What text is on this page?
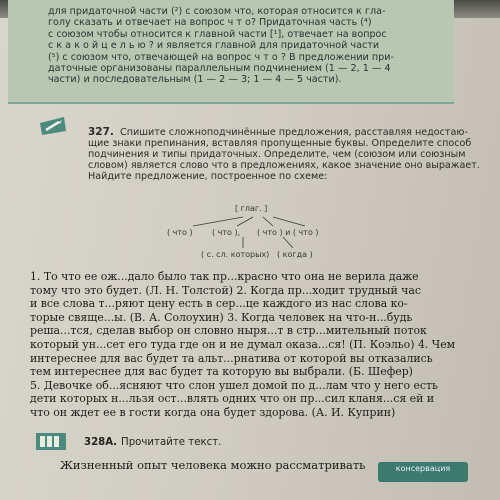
для придаточной части (²) с союзом что, которая относится к гла-
голу сказать и отвечает на вопрос ч т о? Придаточная часть (⁴)
с союзом чтобы относится к главной части [¹], отвечает на вопрос
с к а к о й ц е л ь ю ? и является главной для придаточной части
(⁵) с союзом что, отвечающей на вопрос ч т о ? В предложении при-
даточные организованы параллельным подчинением (1 — 2, 1 — 4
части) и последовательным (1 — 2 — 3; 1 — 4 — 5 части).
327. Спишите сложноподчинённые предложения, расставляя недостаю-
щие знаки препинания, вставляя пропущенные буквы. Определите способ
подчинения и типы придаточных. Определите, чем (союзом или союзным
словом) является слово что в предложениях, какое значение оно выражает.
Найдите предложение, построенное по схеме:
[ глаг. ]
( что ) ( что ), ( что ) и ( что )
( с. сл. которых) ( когда )
1. То что ее ож...дало было так пр...красно что она не верила даже
тому что это будет. (Л. Н. Толстой) 2. Когда пр...ходит трудный час
и все слова т...ряют цену есть в сер...це каждого из нас слова ко-
торые свяще...ы. (В. А. Солоухин) 3. Когда человек на что-н...будь
реша...тся, сделав выбор он словно ныря...т в стр...мительный поток
который ун...сет его туда где он и не думал оказа...ся! (П. Коэльо) 4. Чем
интереснее для вас будет та альт...рнатива от которой вы отказались
тем интереснее для вас будет та которую вы выбрали. (Б. Шефер)
5. Девочке об...ясняют что слон ушел домой по д...лам что у него есть
дети которых н...льзя ост...влять одних что он пр...сил кланя...ся ей и
что он ждет ее в гости когда она будет здорова. (А. И. Куприн)
328А. Прочитайте текст.
Жизненный опыт человека можно рассматривать	консервация
